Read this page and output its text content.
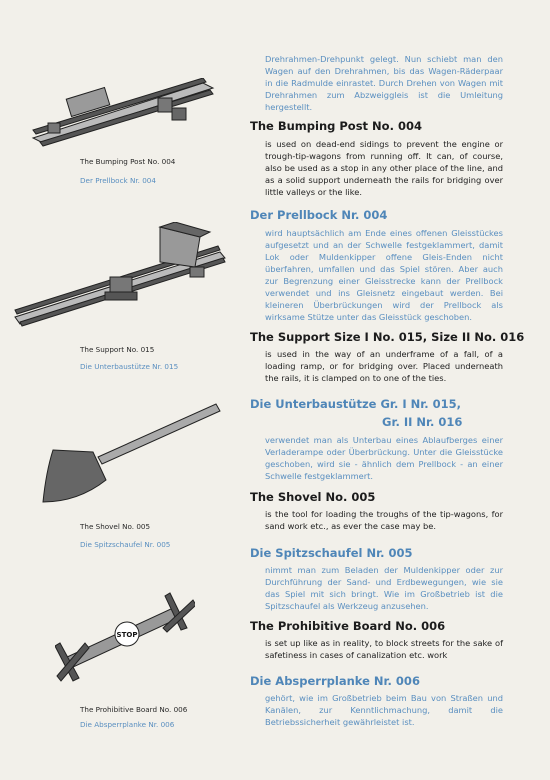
The Bumping Post No. 004

Der Prellbock Nr. 004

The Support No. 015

Die Unterbaustütze Nr. 015

The Shovel No. 005

Die Spitzschaufel Nr. 005

STOP

The Prohibitive Board No. 006

Die Absperrplanke Nr. 006

Drehrahmen-Drehpunkt gelegt. Nun schiebt man den Wagen auf den Drehrahmen, bis das Wagen-Räderpaar in die Radmulde einrastet. Durch Drehen von Wagen mit Drehrahmen zum Abzweiggleis ist die Umleitung hergestellt.

The Bumping Post No. 004

is used on dead-end sidings to prevent the engine or trough-tip-wagons from running off. It can, of course, also be used as a stop in any other place of the line, and as a solid support underneath the rails for bridging over little valleys or the like.

Der Prellbock Nr. 004

wird hauptsächlich am Ende eines offenen Gleisstückes aufgesetzt und an der Schwelle festgeklammert, damit Lok oder Muldenkipper offene Gleis-Enden nicht überfahren, umfallen und das Spiel stören. Aber auch zur Begrenzung einer Gleisstrecke kann der Prellbock verwendet und ins Gleisnetz eingebaut werden. Bei kleineren Überbrückungen wird der Prellbock als wirksame Stütze unter das Gleisstück geschoben.

The Support Size I No. 015, Size II No. 016

is used in the way of an underframe of a fall, of a loading ramp, or for bridging over. Placed underneath the rails, it is clamped on to one of the ties.

Die Unterbaustütze Gr. I Nr. 015,

Gr. II Nr. 016

verwendet man als Unterbau eines Ablaufberges einer Verladerampe oder Überbrückung. Unter die Gleisstücke geschoben, wird sie - ähnlich dem Prellbock - an einer Schwelle festgeklammert.

The Shovel No. 005

is the tool for loading the troughs of the tip-wagons, for sand work etc., as ever the case may be.

Die Spitzschaufel Nr. 005

nimmt man zum Beladen der Muldenkipper oder zur Durchführung der Sand- und Erdbewegungen, wie sie das Spiel mit sich bringt. Wie im Großbetrieb ist die Spitzschaufel als Werkzeug anzusehen.

The Prohibitive Board No. 006

is set up like as in reality, to block streets for the sake of safetiness in cases of canalization etc. work

Die Absperrplanke Nr. 006

gehört, wie im Großbetrieb beim Bau von Straßen und Kanälen, zur Kenntlichmachung, damit die Betriebssicherheit gewährleistet ist.
